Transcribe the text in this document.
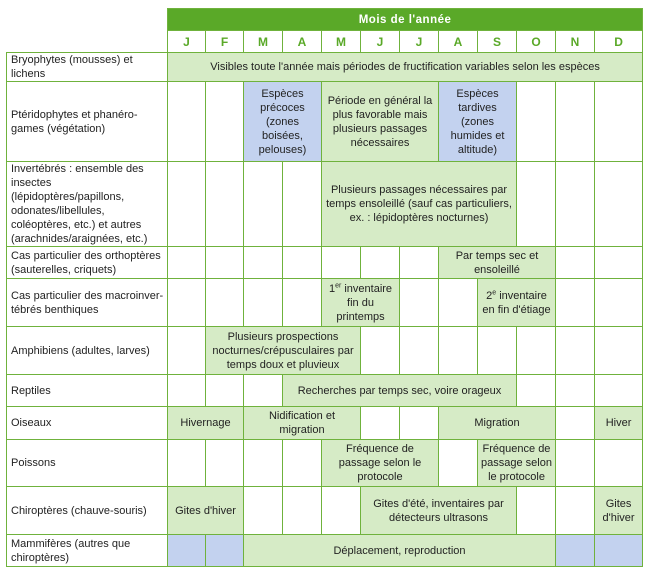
	Mois de l'année											
	J	F	M	A	M	J	J	A	S	O	N	D
Bryophytes (mousses) et lichens	Visibles toute l'année mais périodes de fructification variables selon les espèces											
Ptéridophytes et phanéro-games (végétation)			Espèces précoces (zones boisées, pelouses)		Période en général la plus favorable mais plusieurs passages nécessaires			Espèces tardives (zones humides et altitude)				
Invertébrés : ensemble des insectes (lépidoptères/papillons, odonates/libellules, coléoptères, etc.) et autres (arachnides/araignées, etc.)					Plusieurs passages nécessaires par temps ensoleillé (sauf cas particuliers, ex. : lépidoptères nocturnes)							
Cas particulier des orthoptères (sauterelles, criquets)								Par temps sec et ensoleillé				
Cas particulier des macroinver-tébrés benthiques					1er inventaire fin du printemps				2e inventaire en fin d'étiage			
Amphibiens (adultes, larves)		Plusieurs prospections nocturnes/crépusculaires par temps doux et pluvieux										
Reptiles				Recherches par temps sec, voire orageux								
Oiseaux	Hivernage		Nidification et migration					Migration				Hiver
Poissons					Fréquence de passage selon le protocole				Fréquence de passage selon le protocole			
Chiroptères (chauve-souris)	Gites d'hiver					Gites d'été, inventaires par détecteurs ultrasons						Gites d'hiver
Mammifères (autres que chiroptères)			Déplacement, reproduction									
